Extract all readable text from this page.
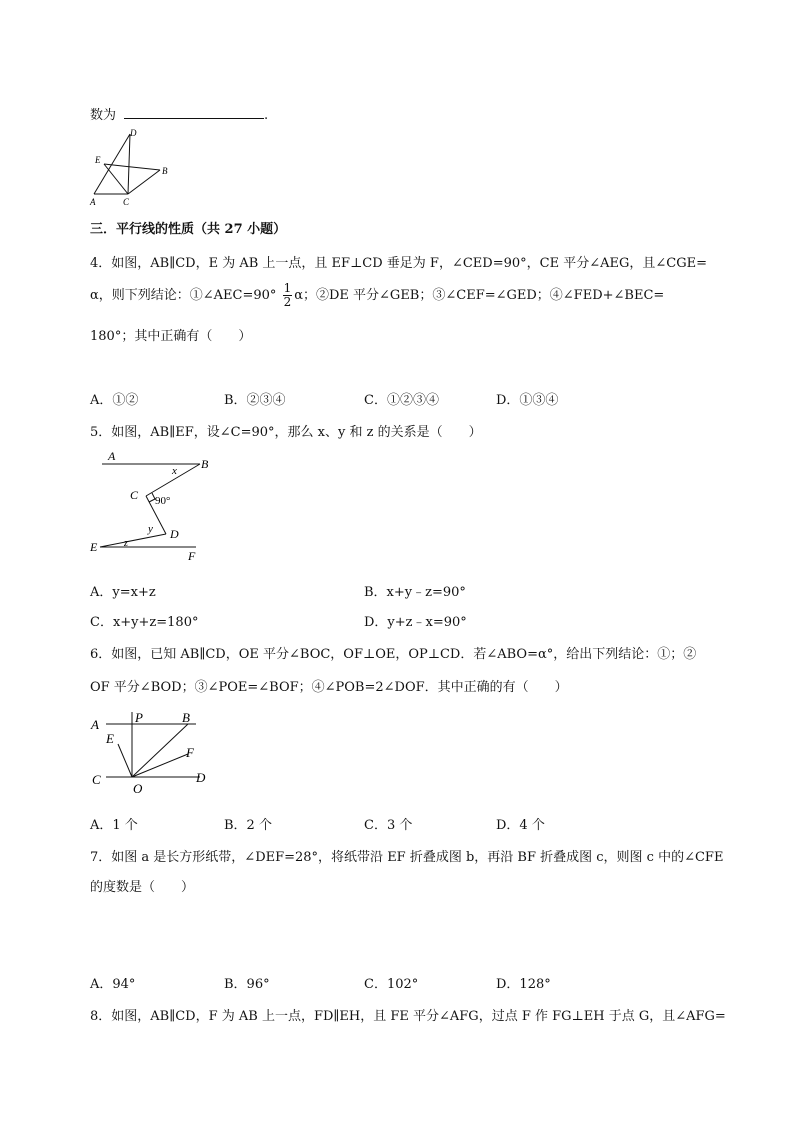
数为	.
D
E
B
A	C
三．平行线的性质（共 27 小题）
4．如图，AB∥CD，E 为 AB 上一点，且 EF⊥CD 垂足为 F，∠CED=90°，CE 平分∠AEG，且∠CGE=
α，则下列结论：①∠AEC=90° $\frac{1}{2}$ α；②DE 平分∠GEB；③∠CEF=∠GED；④∠FED+∠BEC=
180°；其中正确有（　　）
A．①②	B．②③④	C．①②③④	D．①③④
5．如图，AB∥EF，设∠C=90°，那么 x、y 和 z 的关系是（　　）
A
B
x
C 90°
y D
E	z
F
A．y=x+z	B．x+y﹣z=90°
C．x+y+z=180°	D．y+z﹣x=90°
6．如图，已知 AB∥CD，OE 平分∠BOC，OF⊥OE，OP⊥CD．若∠ABO=α°，给出下列结论：①；②
OF 平分∠BOD；③∠POE=∠BOF；④∠POB=2∠DOF．其中正确的有（　　）
A	P	B
E
F
C	D
O
A．1 个	B．2 个	C．3 个	D．4 个
7．如图 a 是长方形纸带，∠DEF=28°，将纸带沿 EF 折叠成图 b，再沿 BF 折叠成图 c，则图 c 中的∠CFE
的度数是（　　）
A．94°	B．96°	C．102°	D．128°
8．如图，AB∥CD，F 为 AB 上一点，FD∥EH，且 FE 平分∠AFG，过点 F 作 FG⊥EH 于点 G，且∠AFG=
